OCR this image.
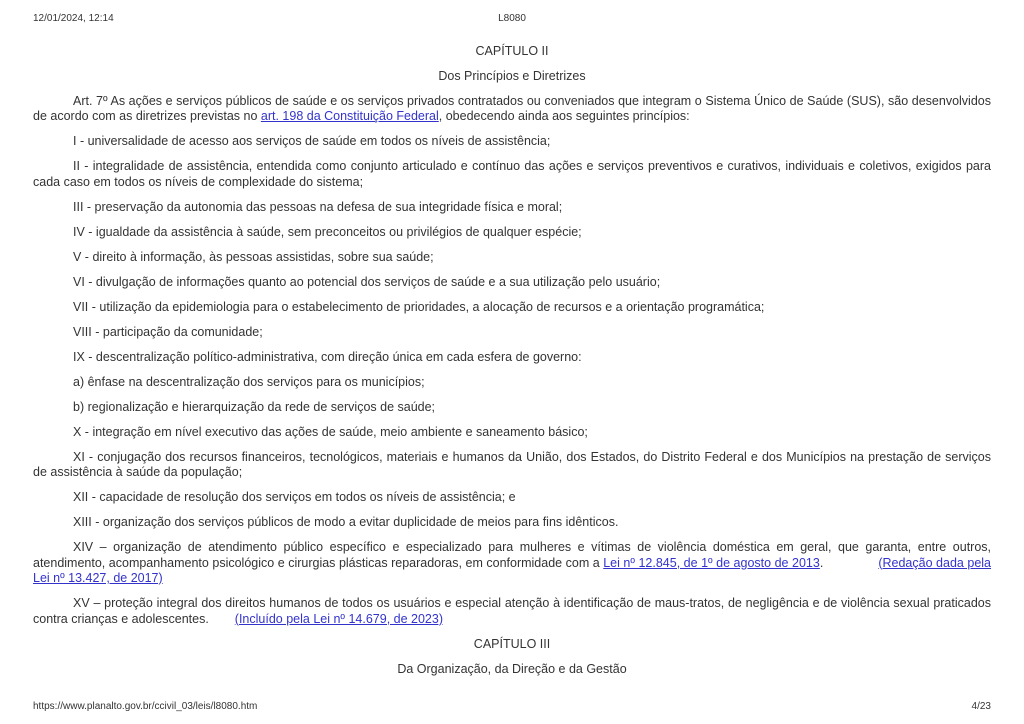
12/01/2024, 12:14	L8080

CAPÍTULO II

Dos Princípios e Diretrizes

Art. 7º As ações e serviços públicos de saúde e os serviços privados contratados ou conveniados que integram o Sistema Único de Saúde (SUS), são desenvolvidos de acordo com as diretrizes previstas no art. 198 da Constituição Federal, obedecendo ainda aos seguintes princípios:

I - universalidade de acesso aos serviços de saúde em todos os níveis de assistência;

II - integralidade de assistência, entendida como conjunto articulado e contínuo das ações e serviços preventivos e curativos, individuais e coletivos, exigidos para cada caso em todos os níveis de complexidade do sistema;

III - preservação da autonomia das pessoas na defesa de sua integridade física e moral;

IV - igualdade da assistência à saúde, sem preconceitos ou privilégios de qualquer espécie;

V - direito à informação, às pessoas assistidas, sobre sua saúde;

VI - divulgação de informações quanto ao potencial dos serviços de saúde e a sua utilização pelo usuário;

VII - utilização da epidemiologia para o estabelecimento de prioridades, a alocação de recursos e a orientação programática;

VIII - participação da comunidade;

IX - descentralização político-administrativa, com direção única em cada esfera de governo:

a) ênfase na descentralização dos serviços para os municípios;

b) regionalização e hierarquização da rede de serviços de saúde;

X - integração em nível executivo das ações de saúde, meio ambiente e saneamento básico;

XI - conjugação dos recursos financeiros, tecnológicos, materiais e humanos da União, dos Estados, do Distrito Federal e dos Municípios na prestação de serviços de assistência à saúde da população;

XII - capacidade de resolução dos serviços em todos os níveis de assistência; e

XIII - organização dos serviços públicos de modo a evitar duplicidade de meios para fins idênticos.

XIV – organização de atendimento público específico e especializado para mulheres e vítimas de violência doméstica em geral, que garanta, entre outros, atendimento, acompanhamento psicológico e cirurgias plásticas reparadoras, em conformidade com a Lei nº 12.845, de 1º de agosto de 2013.	(Redação dada pela Lei nº 13.427, de 2017)

XV – proteção integral dos direitos humanos de todos os usuários e especial atenção à identificação de maus-tratos, de negligência e de violência sexual praticados contra crianças e adolescentes. (Incluído pela Lei nº 14.679, de 2023)

CAPÍTULO III

Da Organização, da Direção e da Gestão

https://www.planalto.gov.br/ccivil_03/leis/l8080.htm	4/23
